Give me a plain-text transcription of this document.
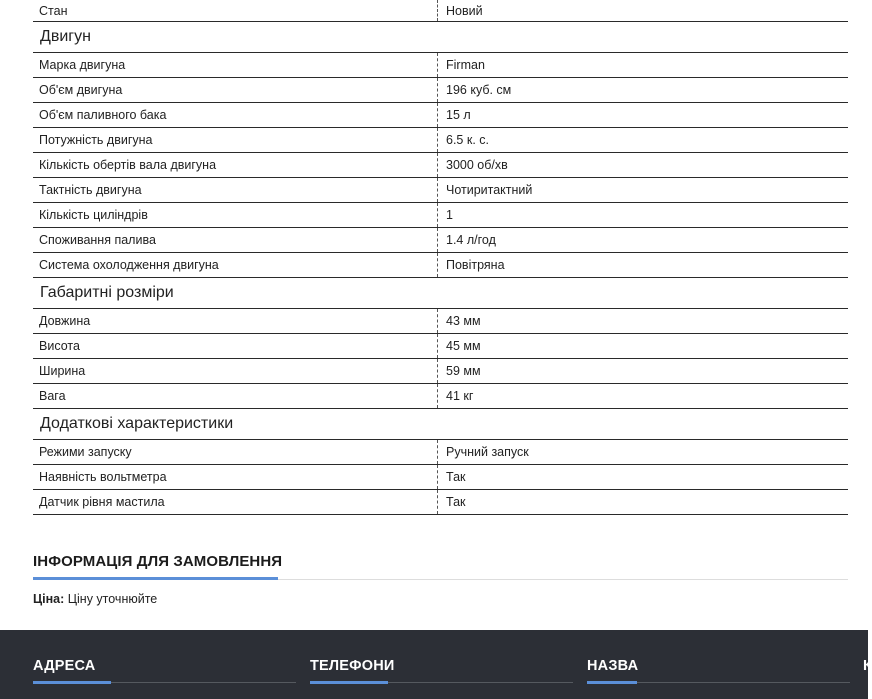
Стан	Новий
Двигун
Марка двигуна	Firman
Об'єм двигуна	196 куб. см
Об'єм паливного бака	15 л
Потужність двигуна	6.5 к. с.
Кількість обертів вала двигуна	3000 об/хв
Тактність двигуна	Чотиритактний
Кількість циліндрів	1
Споживання палива	1.4 л/год
Система охолодження двигуна	Повітряна
Габаритні розміри
Довжина	43 мм
Висота	45 мм
Ширина	59 мм
Вага	41 кг
Додаткові характеристики
Режими запуску	Ручний запуск
Наявність вольтметра	Так
Датчик рівня мастила	Так
ІНФОРМАЦІЯ ДЛЯ ЗАМОВЛЕННЯ
Ціна: Ціну уточнюйте
АДРЕСА	ТЕЛЕФОНИ	НАЗВА	К
